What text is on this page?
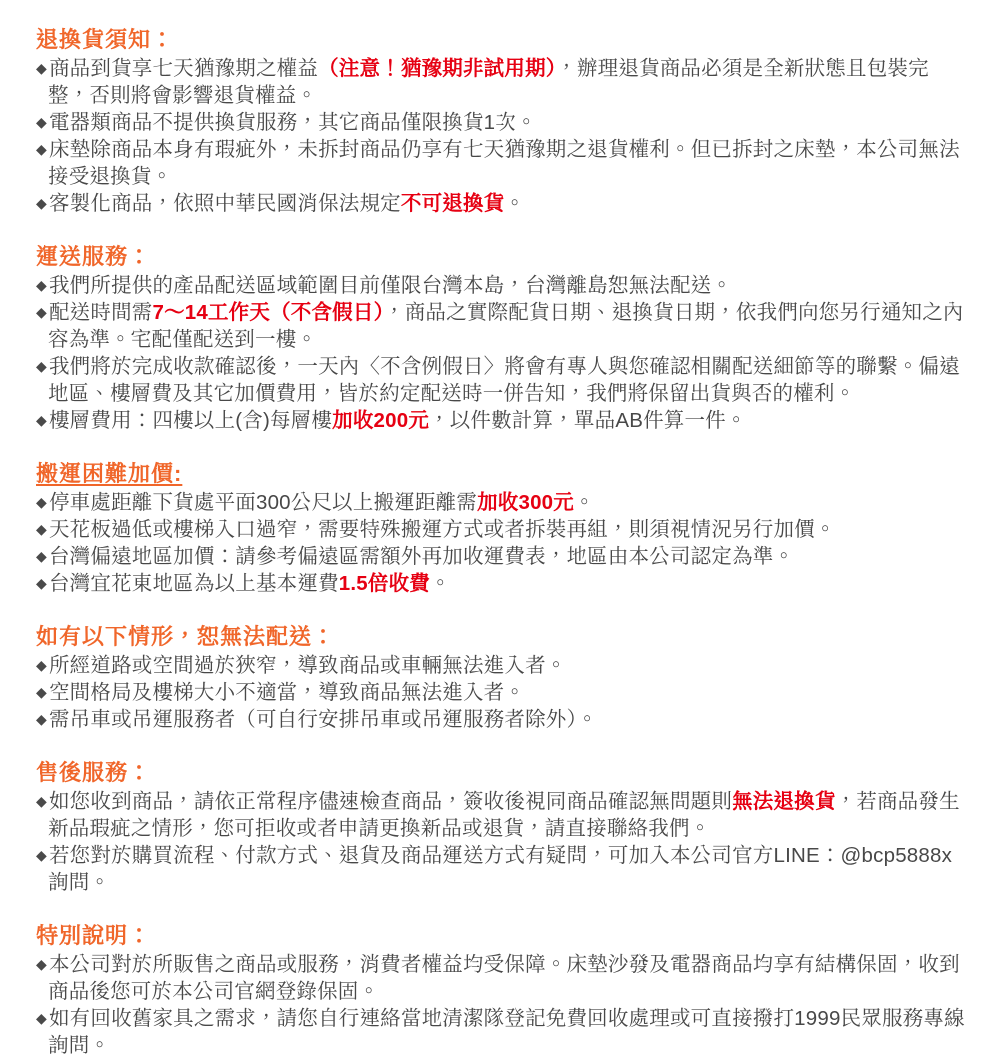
退換貨須知：
◆商品到貨享七天猶豫期之權益（注意！猶豫期非試用期），辦理退貨商品必須是全新狀態且包裝完整，否則將會影響退貨權益。
◆電器類商品不提供換貨服務，其它商品僅限換貨1次。
◆床墊除商品本身有瑕疵外，未拆封商品仍享有七天猶豫期之退貨權利。但已拆封之床墊，本公司無法接受退換貨。
◆客製化商品，依照中華民國消保法規定不可退換貨。
運送服務：
◆我們所提供的產品配送區域範圍目前僅限台灣本島，台灣離島恕無法配送。
◆配送時間需7～14工作天（不含假日），商品之實際配貨日期、退換貨日期，依我們向您另行通知之內容為準。宅配僅配送到一樓。
◆我們將於完成收款確認後，一天內〈不含例假日〉將會有專人與您確認相關配送細節等的聯繫。偏遠地區、樓層費及其它加價費用，皆於約定配送時一併告知，我們將保留出貨與否的權利。
◆樓層費用：四樓以上(含)每層樓加收200元，以件數計算，單品AB件算一件。
搬運困難加價:
◆停車處距離下貨處平面300公尺以上搬運距離需加收300元。
◆天花板過低或樓梯入口過窄，需要特殊搬運方式或者拆裝再組，則須視情況另行加價。
◆台灣偏遠地區加價：請參考偏遠區需額外再加收運費表，地區由本公司認定為準。
◆台灣宜花東地區為以上基本運費1.5倍收費。
如有以下情形，恕無法配送：
◆所經道路或空間過於狹窄，導致商品或車輛無法進入者。
◆空間格局及樓梯大小不適當，導致商品無法進入者。
◆需吊車或吊運服務者（可自行安排吊車或吊運服務者除外）。
售後服務：
◆如您收到商品，請依正常程序儘速檢查商品，簽收後視同商品確認無問題則無法退換貨，若商品發生新品瑕疵之情形，您可拒收或者申請更換新品或退貨，請直接聯絡我們。
◆若您對於購買流程、付款方式、退貨及商品運送方式有疑問，可加入本公司官方LINE：@bcp5888x詢問。
特別說明：
◆本公司對於所販售之商品或服務，消費者權益均受保障。床墊沙發及電器商品均享有結構保固，收到商品後您可於本公司官網登錄保固。
◆如有回收舊家具之需求，請您自行連絡當地清潔隊登記免費回收處理或可直接撥打1999民眾服務專線詢問。
